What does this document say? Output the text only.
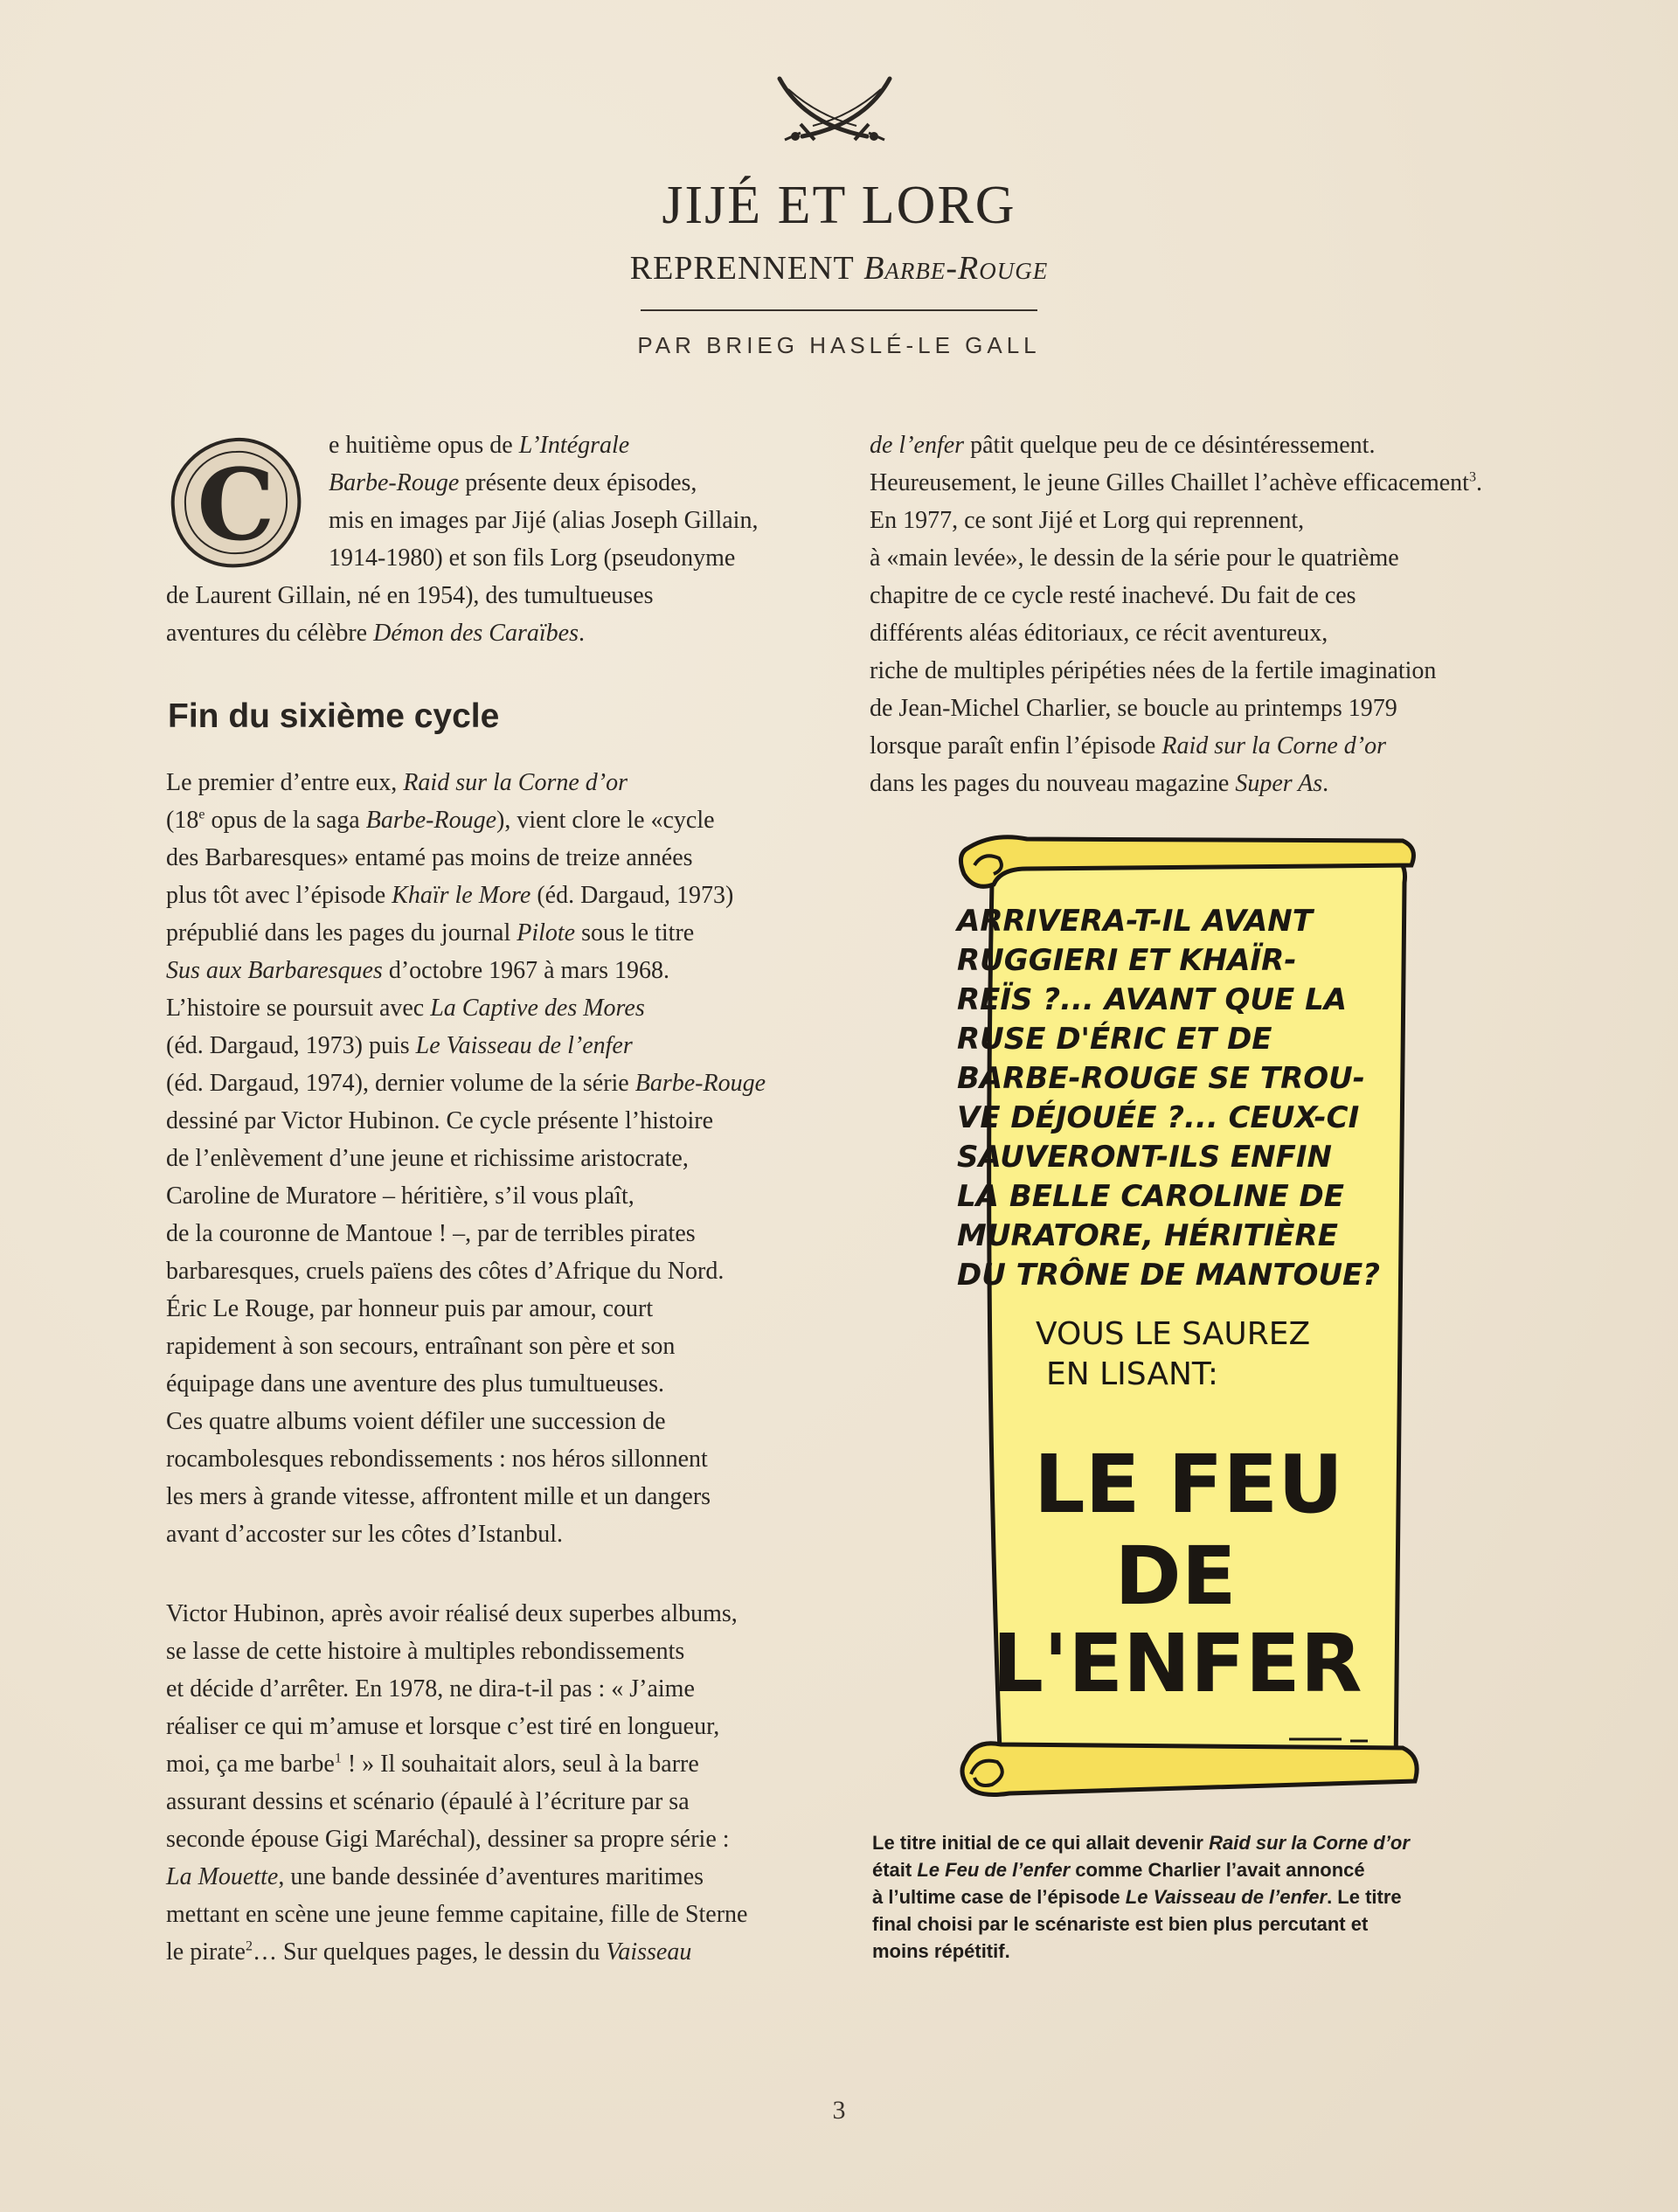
JIJÉ ET LORG
REPRENNENT Barbe-Rouge
PAR BRIEG HASLÉ-LE GALL
C
e huitième opus de L’Intégrale
Barbe-Rouge présente deux épisodes,
mis en images par Jijé (alias Joseph Gillain,
1914-1980) et son fils Lorg (pseudonyme
de Laurent Gillain, né en 1954), des tumultueuses
aventures du célèbre Démon des Caraïbes.
Fin du sixième cycle
Le premier d’entre eux, Raid sur la Corne d’or
(18e opus de la saga Barbe-Rouge), vient clore le «cycle
des Barbaresques» entamé pas moins de treize années
plus tôt avec l’épisode Khaïr le More (éd. Dargaud, 1973)
prépublié dans les pages du journal Pilote sous le titre
Sus aux Barbaresques d’octobre 1967 à mars 1968.
L’histoire se poursuit avec La Captive des Mores
(éd. Dargaud, 1973) puis Le Vaisseau de l’enfer
(éd. Dargaud, 1974), dernier volume de la série Barbe-Rouge
dessiné par Victor Hubinon. Ce cycle présente l’histoire
de l’enlèvement d’une jeune et richissime aristocrate,
Caroline de Muratore – héritière, s’il vous plaît,
de la couronne de Mantoue ! –, par de terribles pirates
barbaresques, cruels païens des côtes d’Afrique du Nord.
Éric Le Rouge, par honneur puis par amour, court
rapidement à son secours, entraînant son père et son
équipage dans une aventure des plus tumultueuses.
Ces quatre albums voient défiler une succession de
rocambolesques rebondissements : nos héros sillonnent
les mers à grande vitesse, affrontent mille et un dangers
avant d’accoster sur les côtes d’Istanbul.
Victor Hubinon, après avoir réalisé deux superbes albums,
se lasse de cette histoire à multiples rebondissements
et décide d’arrêter. En 1978, ne dira-t-il pas : « J’aime
réaliser ce qui m’amuse et lorsque c’est tiré en longueur,
moi, ça me barbe$^1$ ! » Il souhaitait alors, seul à la barre
assurant dessins et scénario (épaulé à l’écriture par sa
seconde épouse Gigi Maréchal), dessiner sa propre série :
La Mouette, une bande dessinée d’aventures maritimes
mettant en scène une jeune femme capitaine, fille de Sterne
le pirate$^2$… Sur quelques pages, le dessin du Vaisseau
de l’enfer pâtit quelque peu de ce désintéressement.
Heureusement, le jeune Gilles Chaillet l’achève efficacement$^3$.
En 1977, ce sont Jijé et Lorg qui reprennent,
à «main levée», le dessin de la série pour le quatrième
chapitre de ce cycle resté inachevé. Du fait de ces
différents aléas éditoriaux, ce récit aventureux,
riche de multiples péripéties nées de la fertile imagination
de Jean-Michel Charlier, se boucle au printemps 1979
lorsque paraît enfin l’épisode Raid sur la Corne d’or
dans les pages du nouveau magazine Super As.
ARRIVERA-T-IL AVANT
RUGGIERI ET KHAÏR-
REÏS ?... AVANT QUE LA
RUSE D'ÉRIC ET DE
BARBE-ROUGE SE TROU-
VE DÉJOUÉE ?... CEUX-CI
SAUVERONT-ILS ENFIN
LA BELLE CAROLINE DE
MURATORE, HÉRITIÈRE
DU TRÔNE DE MANTOUE?
VOUS LE SAUREZ
EN LISANT:
LE FEU
DE
L'ENFER
Le titre initial de ce qui allait devenir Raid sur la Corne d’or
était Le Feu de l’enfer comme Charlier l’avait annoncé
à l’ultime case de l’épisode Le Vaisseau de l’enfer. Le titre
final choisi par le scénariste est bien plus percutant et
moins répétitif.
3
